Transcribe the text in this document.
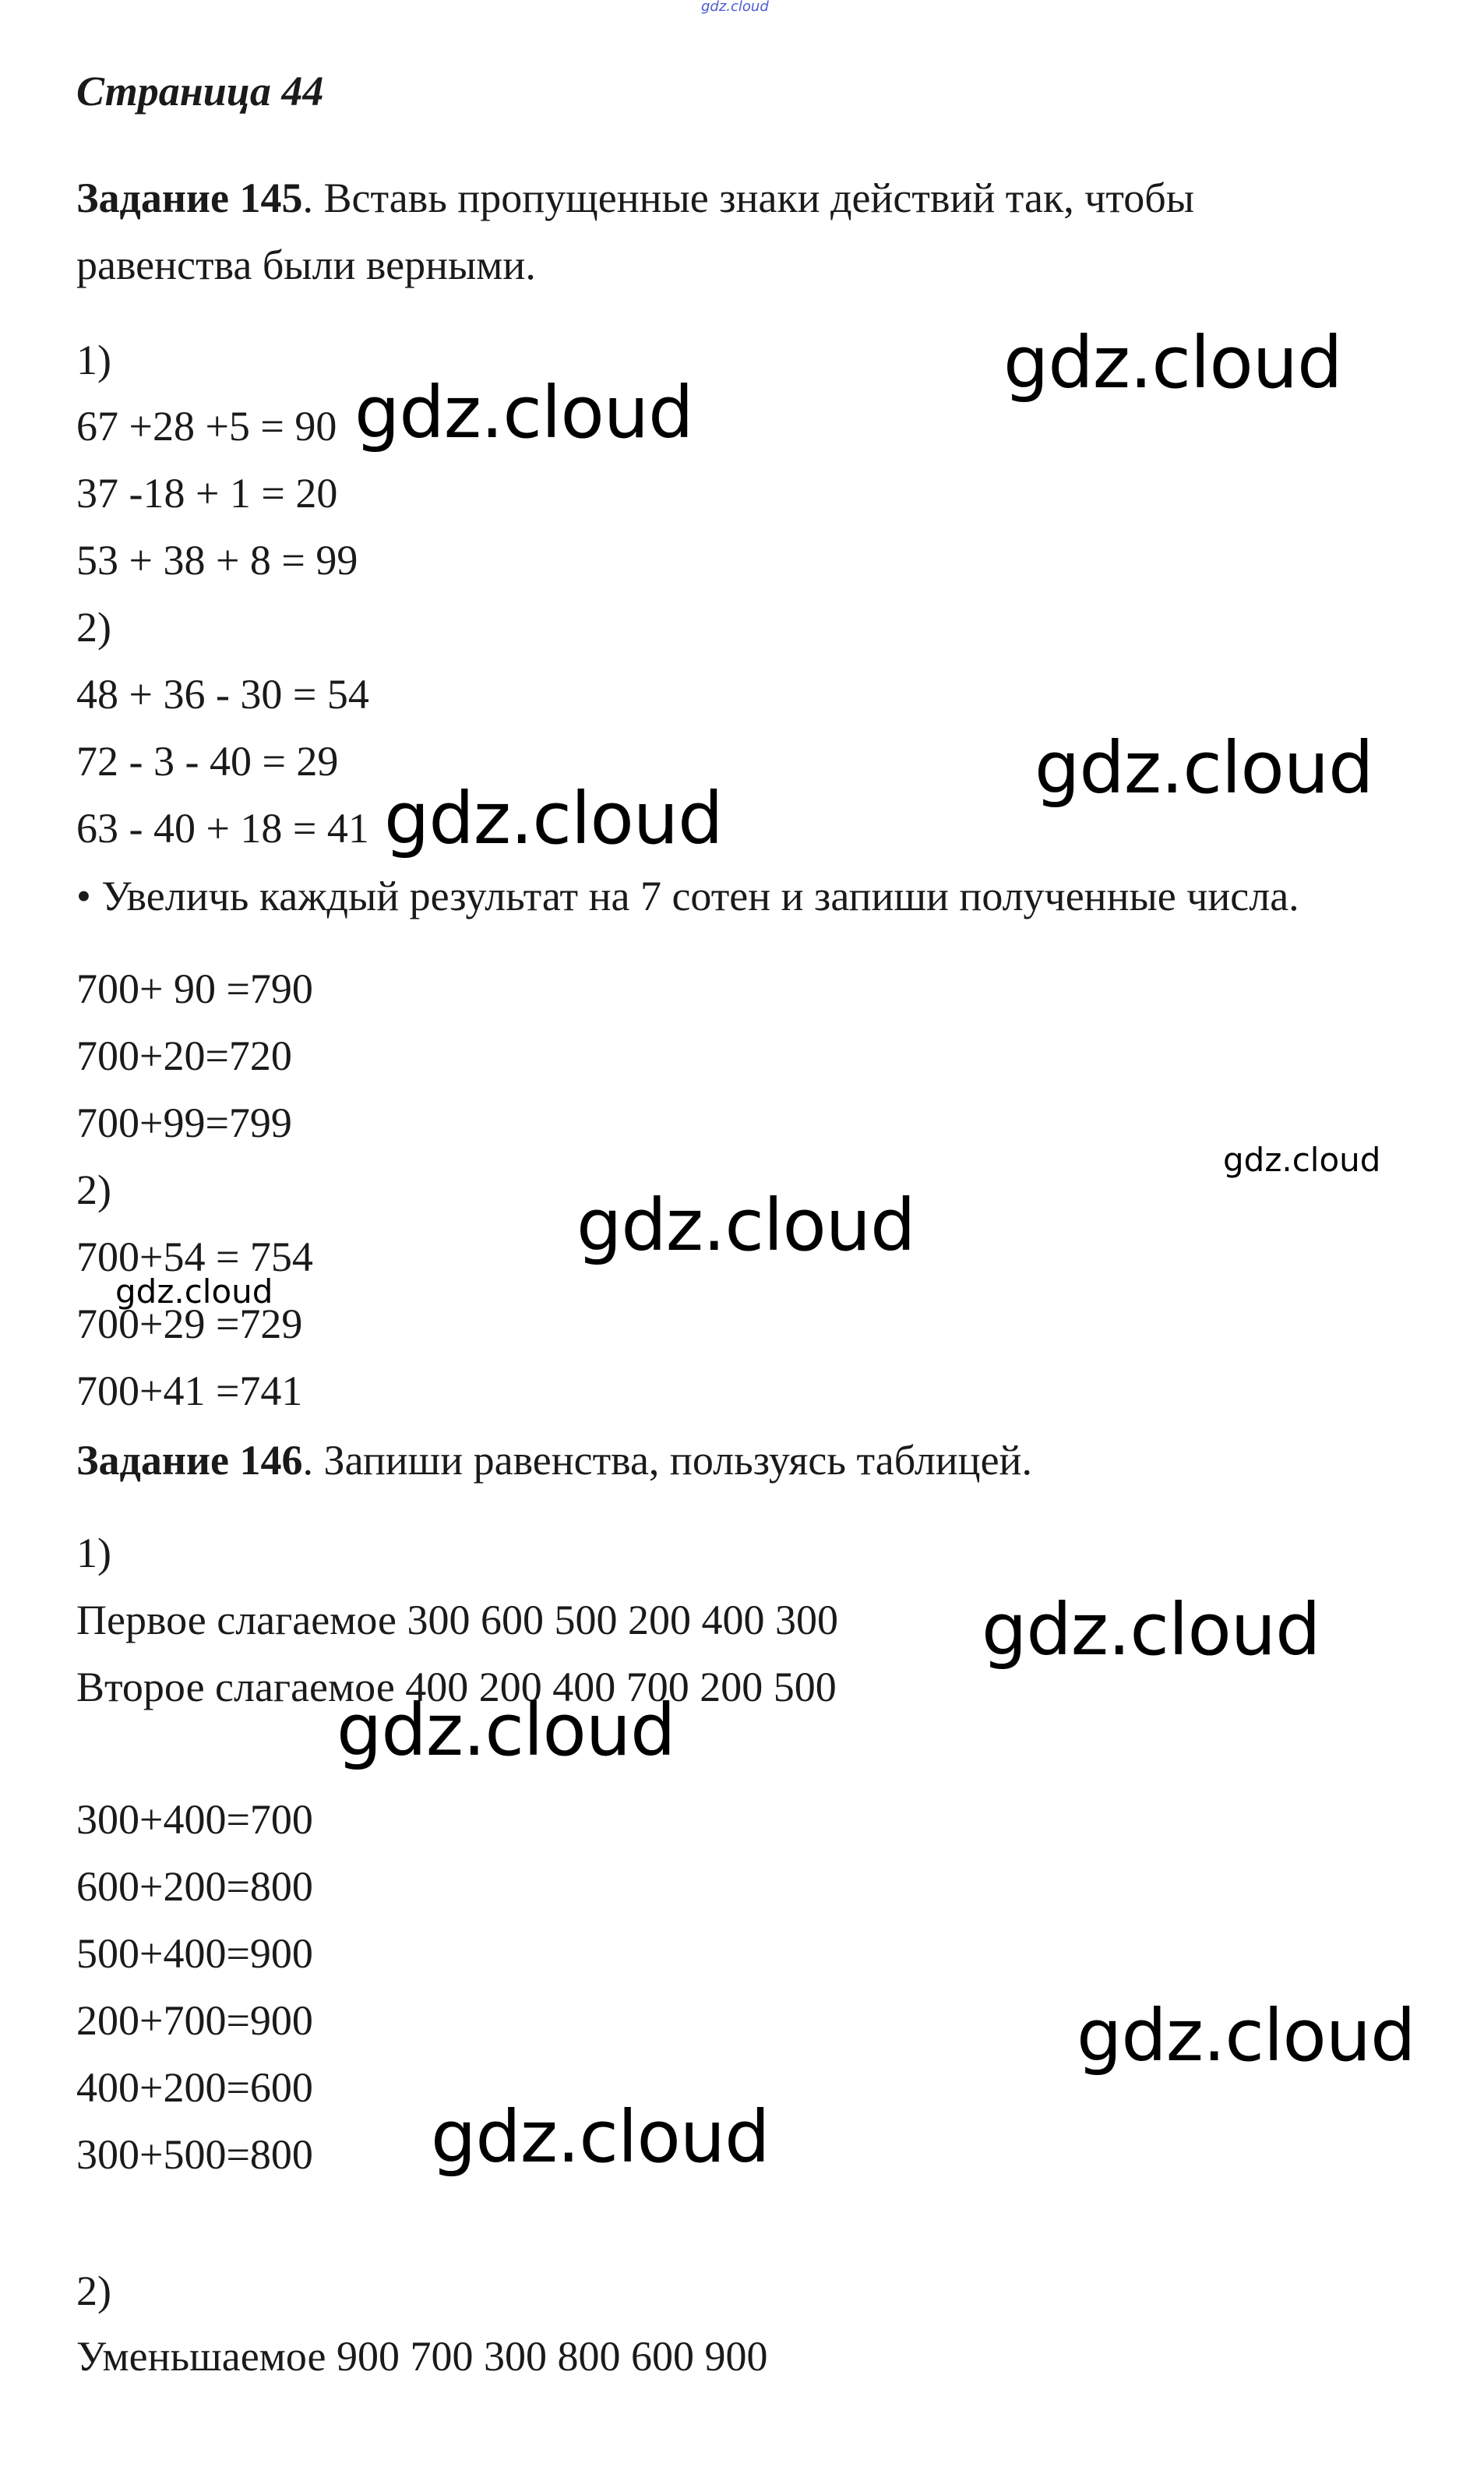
gdz.cloud
Страница 44
Задание 145. Вставь пропущенные знаки действий так, чтобы
равенства были верными.
1)
67 +28 +5 = 90
37 -18 + 1 = 20
53 + 38 + 8 = 99
2)
48 + 36 - 30 = 54
72 - 3 - 40 = 29
63 - 40 + 18 = 41
• Увеличь каждый результат на 7 сотен и запиши полученные числа.
700+ 90 =790
700+20=720
700+99=799
2)
700+54 = 754
700+29 =729
700+41 =741
Задание 146. Запиши равенства, пользуясь таблицей.
1)
Первое слагаемое 300 600 500 200 400 300
Второе слагаемое 400 200 400 700 200 500
300+400=700
600+200=800
500+400=900
200+700=900
400+200=600
300+500=800
2)
Уменьшаемое 900 700 300 800 600 900
gdz.cloud
gdz.cloud
gdz.cloud
gdz.cloud
gdz.cloud
gdz.cloud
gdz.cloud
gdz.cloud
gdz.cloud
gdz.cloud
gdz.cloud
